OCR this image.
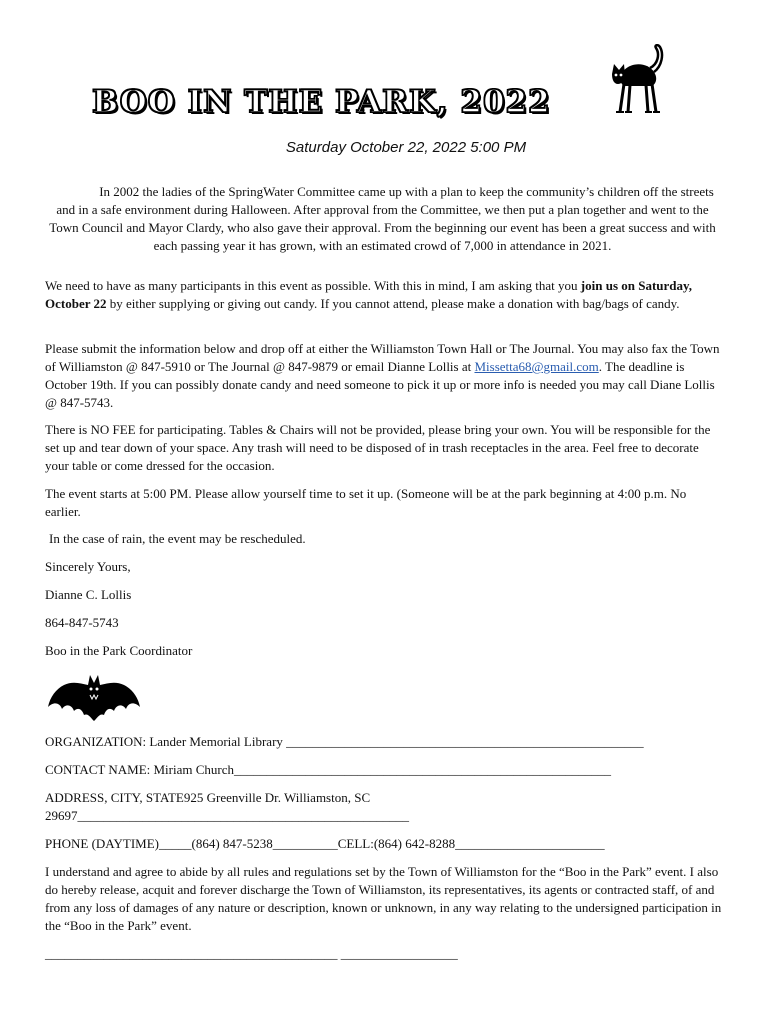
BOO IN THE PARK, 2022
Saturday October 22, 2022 5:00 PM

In 2002 the ladies of the SpringWater Committee came up with a plan to keep the community’s children off the streets and in a safe environment during Halloween. After approval from the Committee, we then put a plan together and went to the Town Council and Mayor Clardy, who also gave their approval. From the beginning our event has been a great success and with each passing year it has grown, with an estimated crowd of 7,000 in attendance in 2021.

We need to have as many participants in this event as possible. With this in mind, I am asking that you join us on Saturday, October 22 by either supplying or giving out candy. If you cannot attend, please make a donation with bag/bags of candy.

Please submit the information below and drop off at either the Williamston Town Hall or The Journal. You may also fax the Town of Williamston @ 847-5910 or The Journal @ 847-9879 or email Dianne Lollis at Missetta68@gmail.com. The deadline is October 19th. If you can possibly donate candy and need someone to pick it up or more info is needed you may call Diane Lollis @ 847-5743.

There is NO FEE for participating. Tables & Chairs will not be provided, please bring your own. You will be responsible for the set up and tear down of your space. Any trash will need to be disposed of in trash receptacles in the area. Feel free to decorate your table or come dressed for the occasion.

The event starts at 5:00 PM. Please allow yourself time to set it up. (Someone will be at the park beginning at 4:00 p.m. No earlier.

In the case of rain, the event may be rescheduled.

Sincerely Yours,

Dianne C. Lollis

864-847-5743

Boo in the Park Coordinator

ORGANIZATION: Lander Memorial Library _______________________________________________________
CONTACT NAME: Miriam Church__________________________________________________________
ADDRESS, CITY, STATE925 Greenville Dr. Williamston, SC
29697___________________________________________________
PHONE (DAYTIME)_____(864) 847-5238__________CELL:(864) 642-8288_______________________

I understand and agree to abide by all rules and regulations set by the Town of Williamston for the “Boo in the Park” event. I also do hereby release, acquit and forever discharge the Town of Williamston, its representatives, its agents or contracted staff, of and from any loss of damages of any nature or description, known or unknown, in any way relating to the undersigned participation in the “Boo in the Park” event.

_____________________________________________ __________________
